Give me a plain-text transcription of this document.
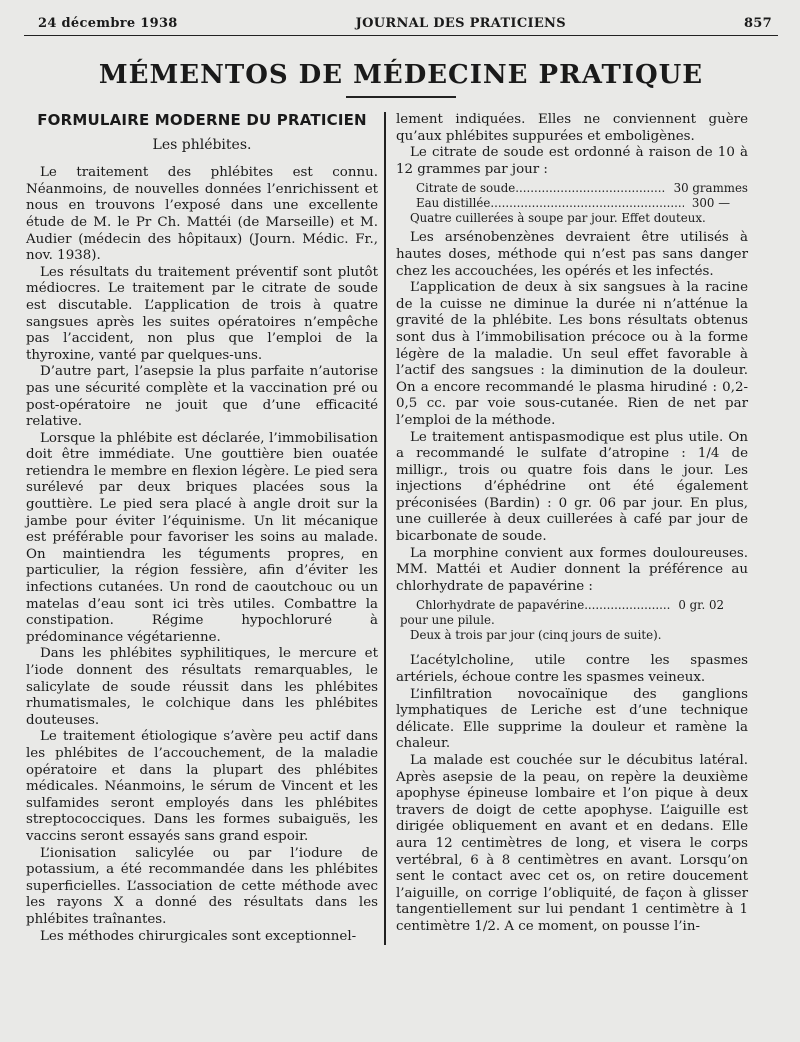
24 décembre 1938	JOURNAL DES PRATICIENS	857
MÉMENTOS DE MÉDECINE PRATIQUE
FORMULAIRE MODERNE DU PRATICIEN
Les phlébites.

Le traitement des phlébites est connu. Néanmoins, de nouvelles données l’enrichissent et nous en trouvons l’exposé dans une excellente étude de M. le Pr Ch. Mattéi (de Marseille) et M. Audier (médecin des hôpitaux) (Journ. Médic. Fr., nov. 1938).

Les résultats du traitement préventif sont plutôt médiocres. Le traitement par le citrate de soude est discutable. L’application de trois à quatre sangsues après les suites opératoires n’empêche pas l’accident, non plus que l’emploi de la thyroxine, vanté par quelques-uns.

D’autre part, l’asepsie la plus parfaite n’autorise pas une sécurité complète et la vaccination pré ou post-opératoire ne jouit que d’une efficacité relative.

Lorsque la phlébite est déclarée, l’immobilisation doit être immédiate. Une gouttière bien ouatée retiendra le membre en flexion légère. Le pied sera surélevé par deux briques placées sous la gouttière. Le pied sera placé à angle droit sur la jambe pour éviter l’équinisme. Un lit mécanique est préférable pour favoriser les soins au malade. On maintiendra les téguments propres, en particulier, la région fessière, afin d’éviter les infections cutanées. Un rond de caoutchouc ou un matelas d’eau sont ici très utiles. Combattre la constipation. Régime hypochloruré à prédominance végétarienne.

Dans les phlébites syphilitiques, le mercure et l’iode donnent des résultats remarquables, le salicylate de soude réussit dans les phlébites rhumatismales, le colchique dans les phlébites douteuses.

Le traitement étiologique s’avère peu actif dans les phlébites de l’accouchement, de la maladie opératoire et dans la plupart des phlébites médicales. Néanmoins, le sérum de Vincent et les sulfamides seront employés dans les phlébites streptococciques. Dans les formes subaiguës, les vaccins seront essayés sans grand espoir.

L’ionisation salicylée ou par l’iodure de potassium, a été recommandée dans les phlébites superficielles. L’association de cette méthode avec les rayons X a donné des résultats dans les phlébites traînantes.

Les méthodes chirurgicales sont exceptionnel-

lement indiquées. Elles ne conviennent guère qu’aux phlébites suppurées et emboligènes.

Le citrate de soude est ordonné à raison de 10 à 12 grammes par jour :

Citrate de soude .....	30 grammes
Eau distillée .....	300 —
Quatre cuillerées à soupe par jour. Effet douteux.

Les arsénobenzènes devraient être utilisés à hautes doses, méthode qui n’est pas sans danger chez les accouchées, les opérés et les infectés.

L’application de deux à six sangsues à la racine de la cuisse ne diminue la durée ni n’atténue la gravité de la phlébite. Les bons résultats obtenus sont dus à l’immobilisation précoce ou à la forme légère de la maladie. Un seul effet favorable à l’actif des sangsues : la diminution de la douleur. On a encore recommandé le plasma hirudiné : 0,2-0,5 cc. par voie sous-cutanée. Rien de net par l’emploi de la méthode.

Le traitement antispasmodique est plus utile. On a recommandé le sulfate d’atropine : 1/4 de milligr., trois ou quatre fois dans le jour. Les injections d’éphédrine ont été également préconisées (Bardin) : 0 gr. 06 par jour. En plus, une cuillerée à deux cuillerées à café par jour de bicarbonate de soude.

La morphine convient aux formes douloureuses. MM. Mattéi et Audier donnent la préférence au chlorhydrate de papavérine :

Chlorhydrate de papavérine .....	0 gr. 02
pour une pilule.
Deux à trois par jour (cinq jours de suite).

L’acétylcholine, utile contre les spasmes artériels, échoue contre les spasmes veineux.

L’infiltration novocaïnique des ganglions lymphatiques de Leriche est d’une technique délicate. Elle supprime la douleur et ramène la chaleur.

La malade est couchée sur le décubitus latéral. Après asepsie de la peau, on repère la deuxième apophyse épineuse lombaire et l’on pique à deux travers de doigt de cette apophyse. L’aiguille est dirigée obliquement en avant et en dedans. Elle aura 12 centimètres de long, et visera le corps vertébral, 6 à 8 centimètres en avant. Lorsqu’on sent le contact avec cet os, on retire doucement l’aiguille, on corrige l’obliquité, de façon à glisser tangentiellement sur lui pendant 1 centimètre à 1 centimètre 1/2. A ce moment, on pousse l’in-
